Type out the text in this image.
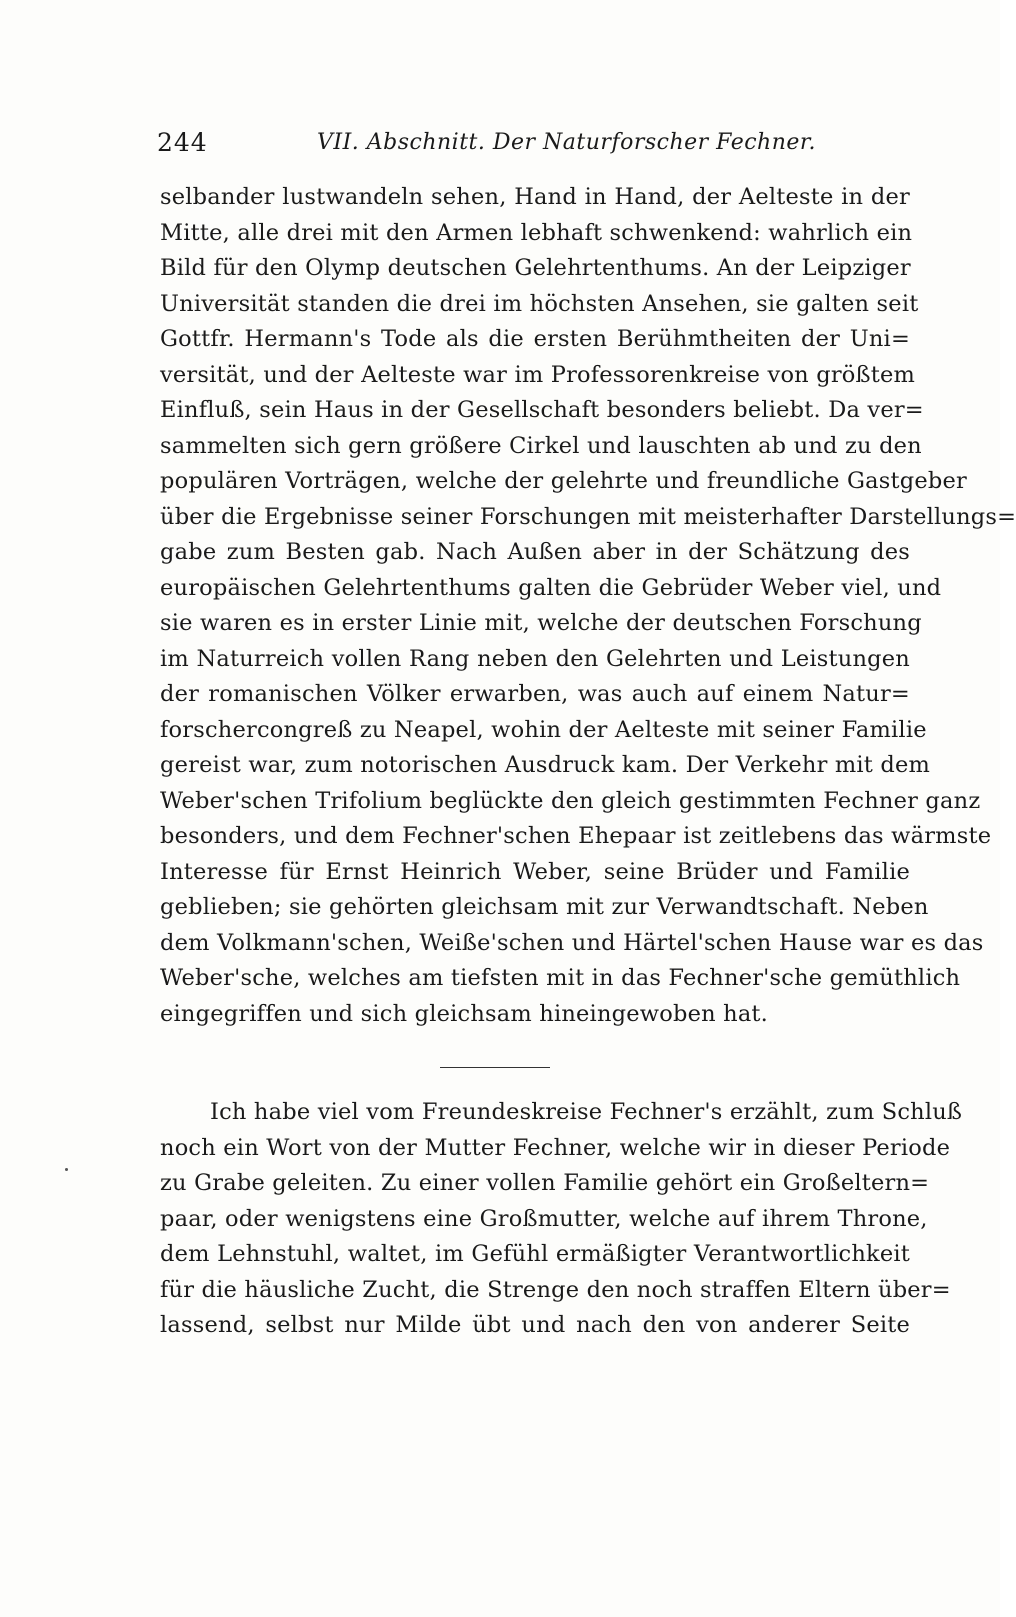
244	VII. Abschnitt. Der Naturforscher Fechner.
selbander lustwandeln sehen, Hand in Hand, der Aelteste in der
Mitte, alle drei mit den Armen lebhaft schwenkend: wahrlich ein
Bild für den Olymp deutschen Gelehrtenthums. An der Leipziger
Universität standen die drei im höchsten Ansehen, sie galten seit
Gottfr. Hermann's Tode als die ersten Berühmtheiten der Uni=
versität, und der Aelteste war im Professorenkreise von größtem
Einfluß, sein Haus in der Gesellschaft besonders beliebt. Da ver=
sammelten sich gern größere Cirkel und lauschten ab und zu den
populären Vorträgen, welche der gelehrte und freundliche Gastgeber
über die Ergebnisse seiner Forschungen mit meisterhafter Darstellungs=
gabe zum Besten gab. Nach Außen aber in der Schätzung des
europäischen Gelehrtenthums galten die Gebrüder Weber viel, und
sie waren es in erster Linie mit, welche der deutschen Forschung
im Naturreich vollen Rang neben den Gelehrten und Leistungen
der romanischen Völker erwarben, was auch auf einem Natur=
forschercongreß zu Neapel, wohin der Aelteste mit seiner Familie
gereist war, zum notorischen Ausdruck kam. Der Verkehr mit dem
Weber'schen Trifolium beglückte den gleich gestimmten Fechner ganz
besonders, und dem Fechner'schen Ehepaar ist zeitlebens das wärmste
Interesse für Ernst Heinrich Weber, seine Brüder und Familie
geblieben; sie gehörten gleichsam mit zur Verwandtschaft. Neben
dem Volkmann'schen, Weiße'schen und Härtel'schen Hause war es das
Weber'sche, welches am tiefsten mit in das Fechner'sche gemüthlich
eingegriffen und sich gleichsam hineingewoben hat.
Ich habe viel vom Freundeskreise Fechner's erzählt, zum Schluß
noch ein Wort von der Mutter Fechner, welche wir in dieser Periode
zu Grabe geleiten. Zu einer vollen Familie gehört ein Großeltern=
paar, oder wenigstens eine Großmutter, welche auf ihrem Throne,
dem Lehnstuhl, waltet, im Gefühl ermäßigter Verantwortlichkeit
für die häusliche Zucht, die Strenge den noch straffen Eltern über=
lassend, selbst nur Milde übt und nach den von anderer Seite
